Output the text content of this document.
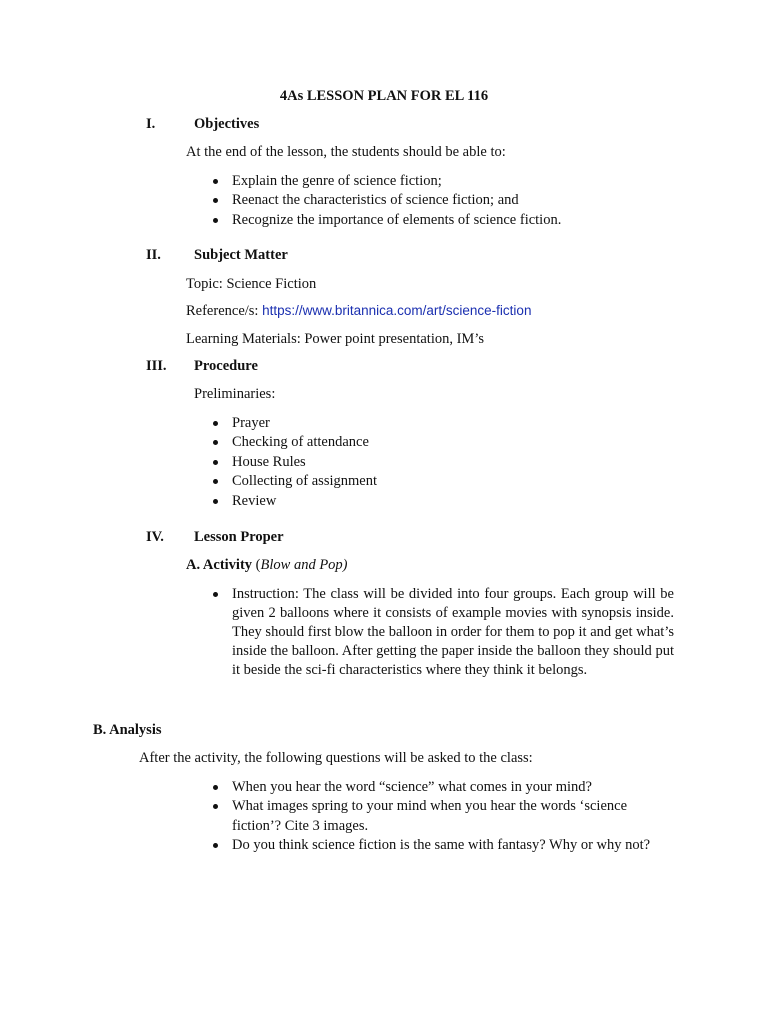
4As LESSON PLAN FOR EL 116
I.	Objectives
At the end of the lesson, the students should be able to:
Explain the genre of science fiction;
Reenact the characteristics of science fiction; and
Recognize the importance of elements of science fiction.
II. Subject Matter
Topic: Science Fiction
Reference/s: https://www.britannica.com/art/science-fiction
Learning Materials: Power point presentation, IM’s
III. Procedure
Preliminaries:
Prayer
Checking of attendance
House Rules
Collecting of assignment
Review
IV. Lesson Proper
A. Activity (Blow and Pop)
Instruction: The class will be divided into four groups. Each group will be given 2 balloons where it consists of example movies with synopsis inside. They should first blow the balloon in order for them to pop it and get what’s inside the balloon. After getting the paper inside the balloon they should put it beside the sci-fi characteristics where they think it belongs.
B. Analysis
After the activity, the following questions will be asked to the class:
When you hear the word “science” what comes in your mind?
What images spring to your mind when you hear the words ‘science fiction’? Cite 3 images.
Do you think science fiction is the same with fantasy? Why or why not?
